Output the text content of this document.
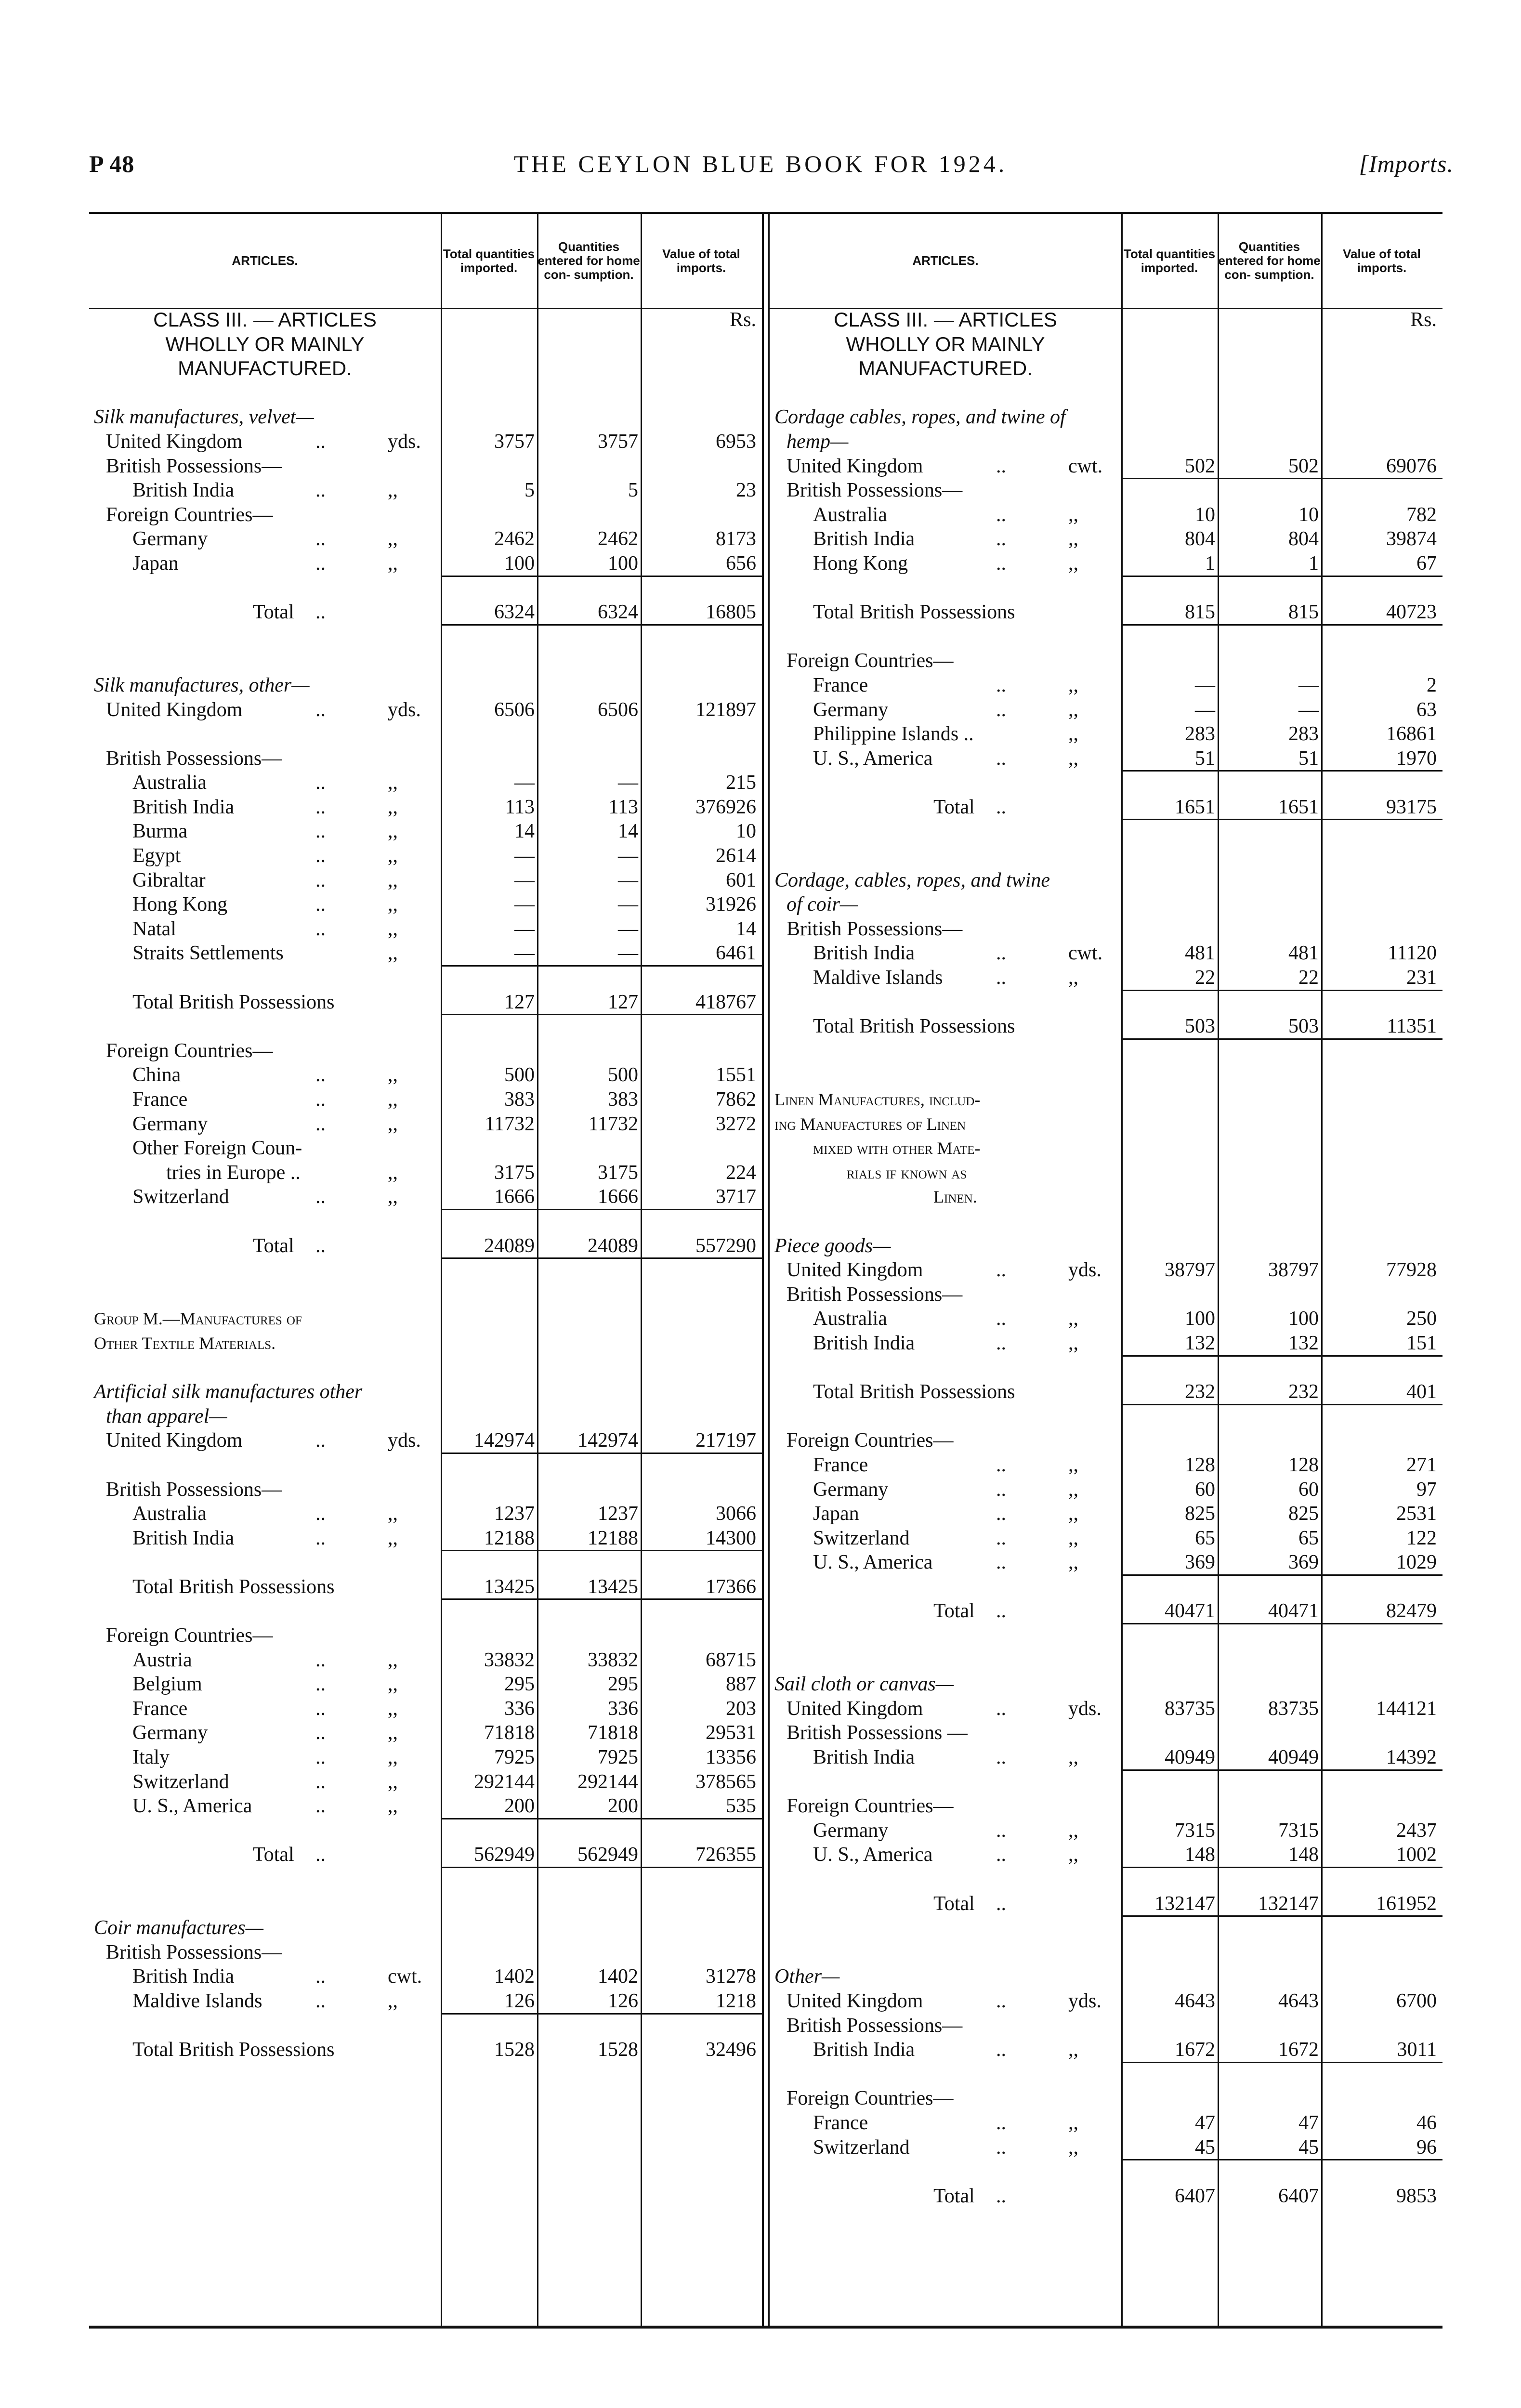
P 48	THE CEYLON BLUE BOOK FOR 1924.	[Imports.
ARTICLES.	Total quantities imported.
Quantities entered for home con- sumption.
Value of total imports.
CLASS III. — ARTICLES	Rs.
WHOLLY OR MAINLY
MANUFACTURED.
Silk manufactures, velvet—
United Kingdom	..	yds.	3757	3757	6953
British Possessions—
British India	..	,,	5	5	23
Foreign Countries—
Germany	..	,,	2462	2462	8173
Japan	..	,,	100	100	656
Total ..	6324	6324	16805
Silk manufactures, other—
United Kingdom	..	yds.	6506	6506	121897
British Possessions—
Australia	..	,,	—	—	215
British India	..	,,	113	113	376926
Burma	..	,,	14	14	10
Egypt	..	,,	—	—	2614
Gibraltar	..	,,	—	—	601
Hong Kong	..	,,	—	—	31926
Natal	..	,,	—	—	14
Straits Settlements	,,	—	—	6461
Total British Possessions	127	127	418767
Foreign Countries—
China	..	,,	500	500	1551
France	..	,,	383	383	7862
Germany	..	,,	11732	11732	3272
Other Foreign Coun-
tries in Europe ..	,,	3175	3175	224
Switzerland	..	,,	1666	1666	3717
Total ..	24089	24089	557290
Group M.—Manufactures of
Other Textile Materials.
Artificial silk manufactures other
than apparel—
United Kingdom	..	yds.	142974	142974	217197
British Possessions—
Australia	..	,,	1237	1237	3066
British India	..	,,	12188	12188	14300
Total British Possessions	13425	13425	17366
Foreign Countries—
Austria	..	,,	33832	33832	68715
Belgium	..	,,	295	295	887
France	..	,,	336	336	203
Germany	..	,,	71818	71818	29531
Italy	..	,,	7925	7925	13356
Switzerland	..	,,	292144	292144	378565
U. S., America	..	,,	200	200	535
Total ..	562949	562949	726355
Coir manufactures—
British Possessions—
British India	..	cwt.	1402	1402	31278
Maldive Islands	..	,,	126	126	1218
Total British Possessions	1528	1528	32496
ARTICLES.	Total quantities imported.
Quantities entered for home con- sumption.
Value of total imports.
CLASS III. — ARTICLES	Rs.
WHOLLY OR MAINLY
MANUFACTURED.
Cordage cables, ropes, and twine of
hemp—
United Kingdom	..	cwt.	502	502	69076
British Possessions—
Australia	..	,,	10	10	782
British India	..	,,	804	804	39874
Hong Kong	..	,,	1	1	67
Total British Possessions	815	815	40723
Foreign Countries—
France	..	,,	—	—	2
Germany	..	,,	—	—	63
Philippine Islands ..	,,	283	283	16861
U. S., America	..	,,	51	51	1970
Total ..	1651	1651	93175
Cordage, cables, ropes, and twine
of coir—
British Possessions—
British India	..	cwt.	481	481	11120
Maldive Islands	..	,,	22	22	231
Total British Possessions	503	503	11351
Linen Manufactures, includ-
ing Manufactures of Linen
mixed with other Mate-
rials if known as
Linen.
Piece goods—
United Kingdom	..	yds.	38797	38797	77928
British Possessions—
Australia	..	,,	100	100	250
British India	..	,,	132	132	151
Total British Possessions	232	232	401
Foreign Countries—
France	..	,,	128	128	271
Germany	..	,,	60	60	97
Japan	..	,,	825	825	2531
Switzerland	..	,,	65	65	122
U. S., America	..	,,	369	369	1029
Total ..	40471	40471	82479
Sail cloth or canvas—
United Kingdom	..	yds.	83735	83735	144121
British Possessions —
British India	..	,,	40949	40949	14392
Foreign Countries—
Germany	..	,,	7315	7315	2437
U. S., America	..	,,	148	148	1002
Total ..	132147	132147	161952
Other—
United Kingdom	..	yds.	4643	4643	6700
British Possessions—
British India	..	,,	1672	1672	3011
Foreign Countries—
France	..	,,	47	47	46
Switzerland	..	,,	45	45	96
Total ..	6407	6407	9853
